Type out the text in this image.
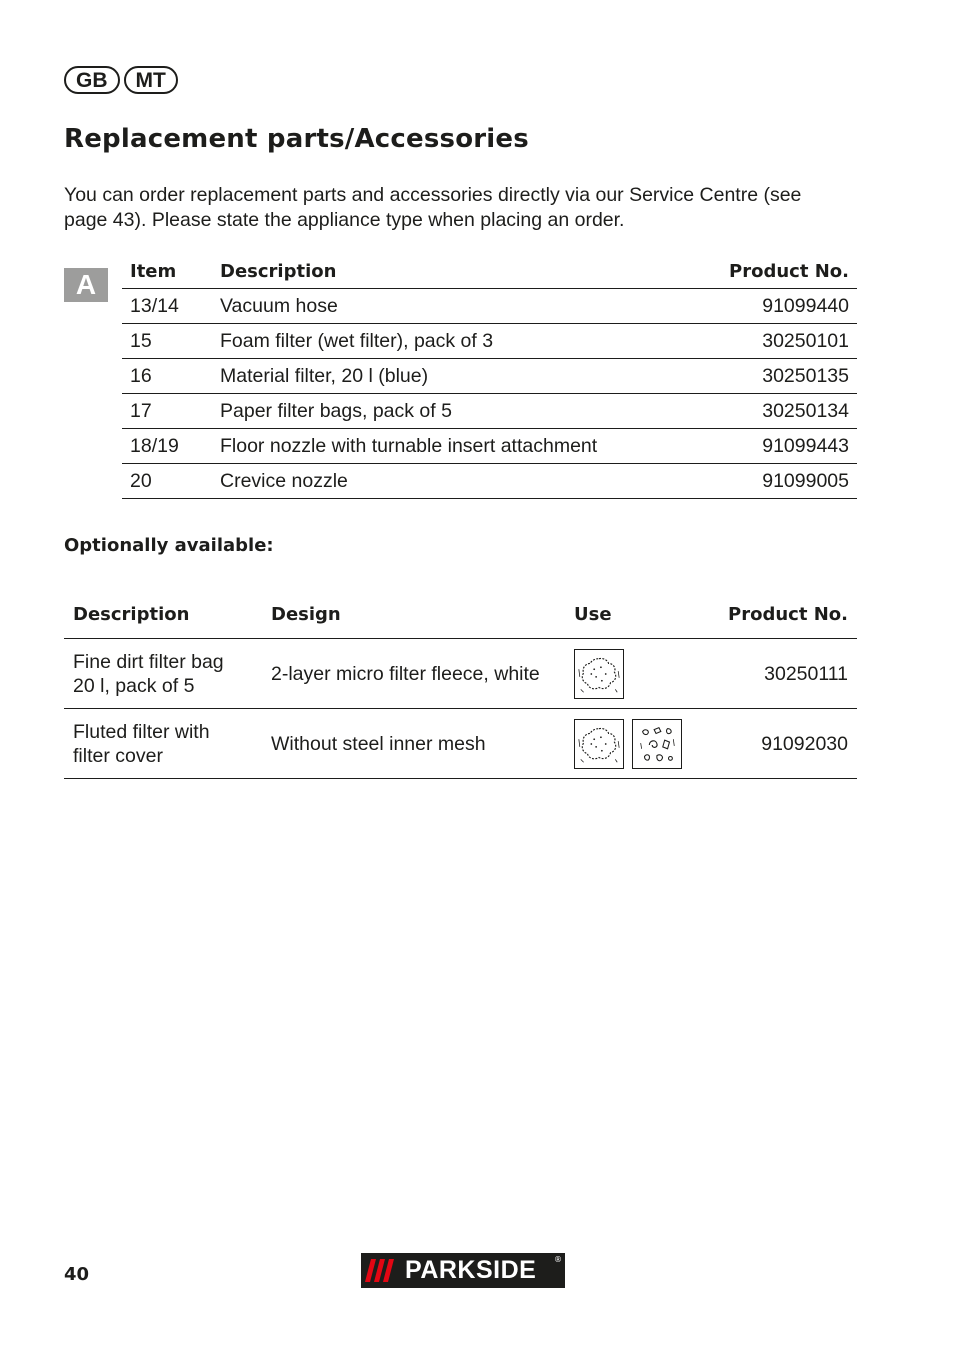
GB	MT
Replacement parts/Accessories

You can order replacement parts and accessories directly via our Service Centre (see page 43). Please state the appliance type when placing an order.

A	Item	Description	Product No.
13/14	Vacuum hose	91099440
15	Foam filter (wet filter), pack of 3	30250101
16	Material filter, 20 l (blue)	30250135
17	Paper filter bags, pack of 5	30250134
18/19	Floor nozzle with turnable insert attachment	91099443
20	Crevice nozzle	91099005

Optionally available:

Description	Design	Use	Product No.
Fine dirt filter bag
20 l, pack of 5	2-layer micro filter fleece, white		30250111
Fluted filter with
filter cover	Without steel inner mesh		91092030
40	PARKSIDE ®
